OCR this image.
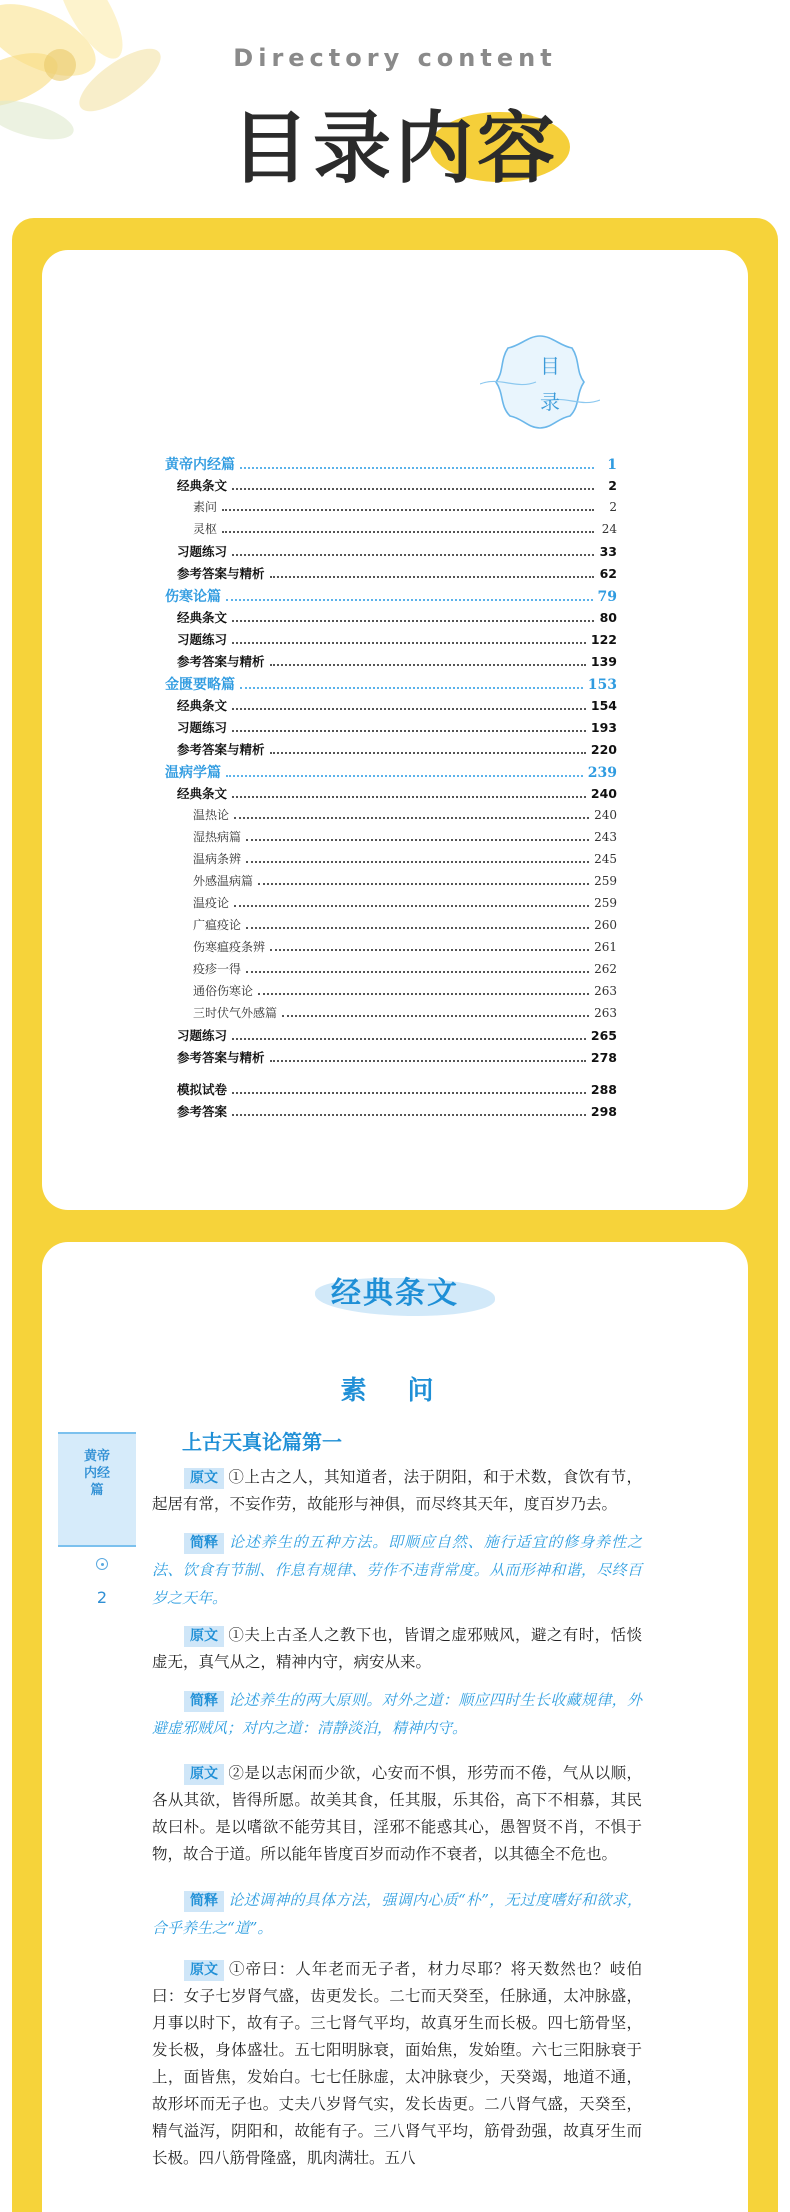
Directory content
目录内容
目
录
黄帝内经篇	1
经典条文	2
素问	2
灵枢	24
习题练习	33
参考答案与精析	62
伤寒论篇	79
经典条文	80
习题练习	122
参考答案与精析	139
金匮要略篇	153
经典条文	154
习题练习	193
参考答案与精析	220
温病学篇	239
经典条文	240
温热论	240
湿热病篇	243
温病条辨	245
外感温病篇	259
温疫论	259
广瘟疫论	260
伤寒瘟疫条辨	261
疫疹一得	262
通俗伤寒论	263
三时伏气外感篇	263
习题练习	265
参考答案与精析	278
模拟试卷	288
参考答案	298
经典条文
素 问
上古天真论篇第一
黄帝内经篇
2
原文 ①上古之人，其知道者，法于阴阳，和于术数，食饮有节，起居有常，不妄作劳，故能形与神俱，而尽终其天年，度百岁乃去。
简释 论述养生的五种方法。即顺应自然、施行适宜的修身养性之法、饮食有节制、作息有规律、劳作不违背常度。从而形神和谐，尽终百岁之天年。
原文 ①夫上古圣人之教下也，皆谓之虚邪贼风，避之有时，恬惔虚无，真气从之，精神内守，病安从来。
简释 论述养生的两大原则。对外之道：顺应四时生长收藏规律，外避虚邪贼风；对内之道：清静淡泊，精神内守。
原文 ②是以志闲而少欲，心安而不惧，形劳而不倦，气从以顺，各从其欲，皆得所愿。故美其食，任其服，乐其俗，高下不相慕，其民故曰朴。是以嗜欲不能劳其目，淫邪不能惑其心，愚智贤不肖，不惧于物，故合于道。所以能年皆度百岁而动作不衰者，以其德全不危也。
简释 论述调神的具体方法，强调内心质“朴”，无过度嗜好和欲求，合乎养生之“道”。
原文 ①帝曰：人年老而无子者，材力尽耶？将天数然也？岐伯曰：女子七岁肾气盛，齿更发长。二七而天癸至，任脉通，太冲脉盛，月事以时下，故有子。三七肾气平均，故真牙生而长极。四七筋骨坚，发长极，身体盛壮。五七阳明脉衰，面始焦，发始堕。六七三阳脉衰于上，面皆焦，发始白。七七任脉虚，太冲脉衰少，天癸竭，地道不通，故形坏而无子也。丈夫八岁肾气实，发长齿更。二八肾气盛，天癸至，精气溢泻，阴阳和，故能有子。三八肾气平均，筋骨劲强，故真牙生而长极。四八筋骨隆盛，肌肉满壮。五八
